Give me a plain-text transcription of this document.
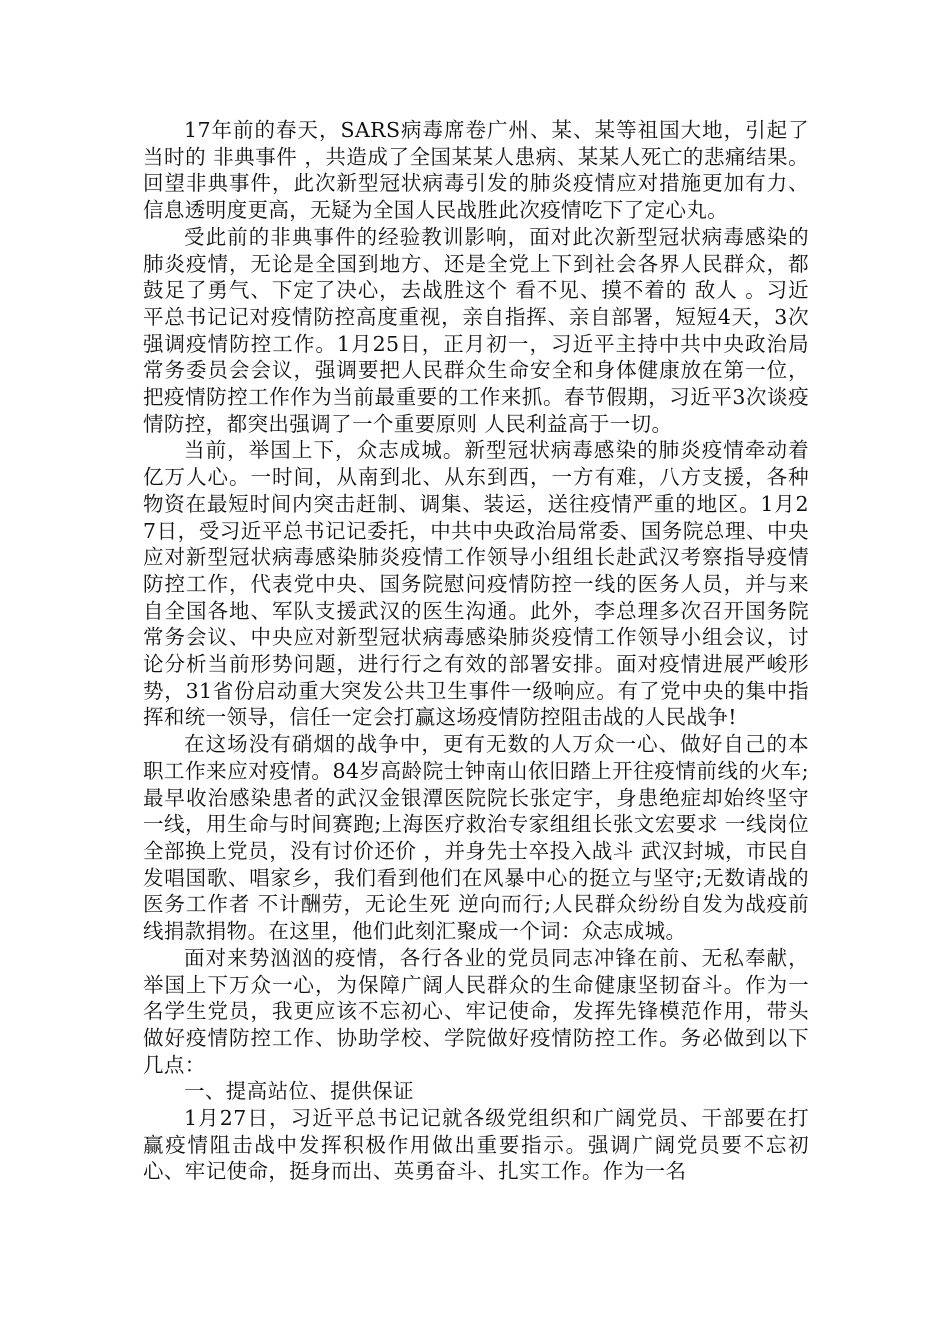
17年前的春天，SARS病毒席卷广州、某、某等祖国大地，引起了当时的 非典事件 ，共造成了全国某某人患病、某某人死亡的悲痛结果。回望非典事件，此次新型冠状病毒引发的肺炎疫情应对措施更加有力、信息透明度更高，无疑为全国人民战胜此次疫情吃下了定心丸。

受此前的非典事件的经验教训影响，面对此次新型冠状病毒感染的肺炎疫情，无论是全国到地方、还是全党上下到社会各界人民群众，都鼓足了勇气、下定了决心，去战胜这个 看不见、摸不着的 敌人 。习近平总书记记对疫情防控高度重视，亲自指挥、亲自部署，短短4天，3次强调疫情防控工作。1月25日，正月初一，习近平主持中共中央政治局常务委员会会议，强调要把人民群众生命安全和身体健康放在第一位，把疫情防控工作作为当前最重要的工作来抓。春节假期，习近平3次谈疫情防控，都突出强调了一个重要原则 人民利益高于一切。

当前，举国上下，众志成城。新型冠状病毒感染的肺炎疫情牵动着亿万人心。一时间，从南到北、从东到西，一方有难，八方支援，各种物资在最短时间内突击赶制、调集、装运，送往疫情严重的地区。1月27日，受习近平总书记记委托，中共中央政治局常委、国务院总理、中央应对新型冠状病毒感染肺炎疫情工作领导小组组长赴武汉考察指导疫情防控工作，代表党中央、国务院慰问疫情防控一线的医务人员，并与来自全国各地、军队支援武汉的医生沟通。此外，李总理多次召开国务院常务会议、中央应对新型冠状病毒感染肺炎疫情工作领导小组会议，讨论分析当前形势问题，进行行之有效的部署安排。面对疫情进展严峻形势，31省份启动重大突发公共卫生事件一级响应。有了党中央的集中指挥和统一领导，信任一定会打赢这场疫情防控阻击战的人民战争!

在这场没有硝烟的战争中，更有无数的人万众一心、做好自己的本职工作来应对疫情。84岁高龄院士钟南山依旧踏上开往疫情前线的火车;最早收治感染患者的武汉金银潭医院院长张定宇，身患绝症却始终坚守一线，用生命与时间赛跑;上海医疗救治专家组组长张文宏要求 一线岗位全部换上党员，没有讨价还价 ，并身先士卒投入战斗 武汉封城，市民自发唱国歌、唱家乡，我们看到他们在风暴中心的挺立与坚守;无数请战的医务工作者 不计酬劳，无论生死 逆向而行;人民群众纷纷自发为战疫前线捐款捐物。在这里，他们此刻汇聚成一个词：众志成城。

面对来势汹汹的疫情，各行各业的党员同志冲锋在前、无私奉献，举国上下万众一心，为保障广阔人民群众的生命健康坚韧奋斗。作为一名学生党员，我更应该不忘初心、牢记使命，发挥先锋模范作用，带头做好疫情防控工作、协助学校、学院做好疫情防控工作。务必做到以下几点：

一、提高站位、提供保证

1月27日，习近平总书记记就各级党组织和广阔党员、干部要在打赢疫情阻击战中发挥积极作用做出重要指示。强调广阔党员要不忘初心、牢记使命，挺身而出、英勇奋斗、扎实工作。作为一名
